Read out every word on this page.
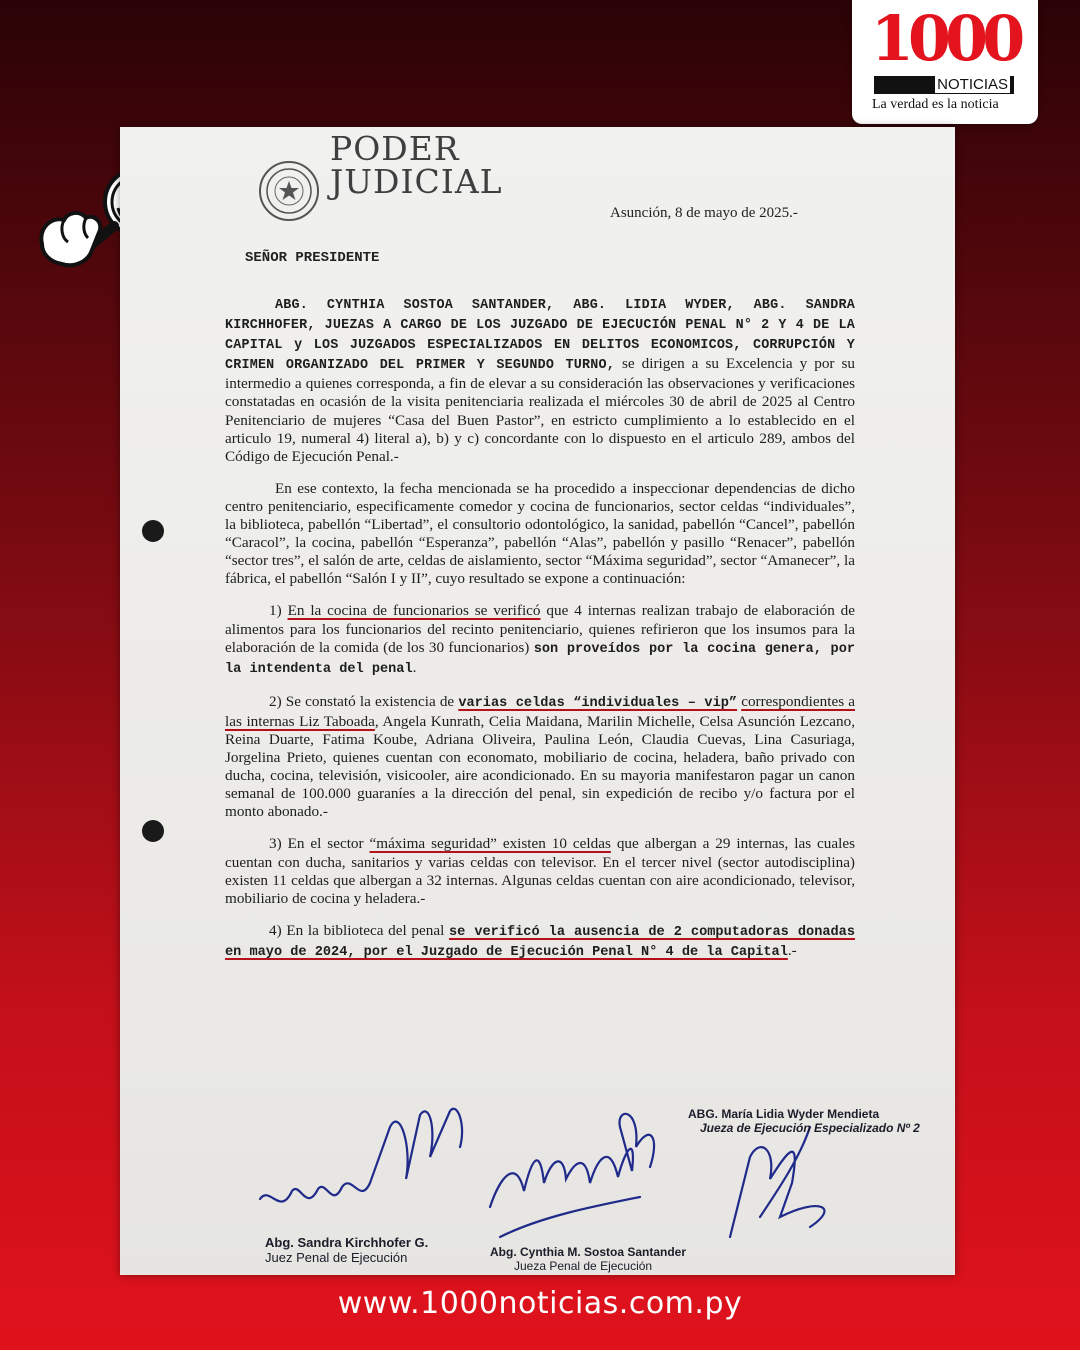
1000
NOTICIAS
La verdad es la noticia
PODER
JUDICIAL
Asunción, 8 de mayo de 2025.-
SEÑOR PRESIDENTE

ABG. CYNTHIA SOSTOA SANTANDER, ABG. LIDIA WYDER, ABG. SANDRA KIRCHHOFER, JUEZAS A CARGO DE LOS JUZGADO DE EJECUCIÓN PENAL N° 2 Y 4 DE LA CAPITAL y LOS JUZGADOS ESPECIALIZADOS EN DELITOS ECONOMICOS, CORRUPCIÓN Y CRIMEN ORGANIZADO DEL PRIMER Y SEGUNDO TURNO, se dirigen a su Excelencia y por su intermedio a quienes corresponda, a fin de elevar a su consideración las observaciones y verificaciones constatadas en ocasión de la visita penitenciaria realizada el miércoles 30 de abril de 2025 al Centro Penitenciario de mujeres “Casa del Buen Pastor”, en estricto cumplimiento a lo establecido en el articulo 19, numeral 4) literal a), b) y c) concordante con lo dispuesto en el articulo 289, ambos del Código de Ejecución Penal.-

En ese contexto, la fecha mencionada se ha procedido a inspeccionar dependencias de dicho centro penitenciario, especificamente comedor y cocina de funcionarios, sector celdas “individuales”, la biblioteca, pabellón “Libertad”, el consultorio odontológico, la sanidad, pabellón “Cancel”, pabellón “Caracol”, la cocina, pabellón “Esperanza”, pabellón “Alas”, pabellón y pasillo “Renacer”, pabellón “sector tres”, el salón de arte, celdas de aislamiento, sector “Máxima seguridad”, sector “Amanecer”, la fábrica, el pabellón “Salón I y II”, cuyo resultado se expone a continuación:

1) En la cocina de funcionarios se verificó que 4 internas realizan trabajo de elaboración de alimentos para los funcionarios del recinto penitenciario, quienes refirieron que los insumos para la elaboración de la comida (de los 30 funcionarios) son proveídos por la cocina genera, por la intendenta del penal.

2) Se constató la existencia de varias celdas “individuales – vip” correspondientes a las internas Liz Taboada, Angela Kunrath, Celia Maidana, Marilin Michelle, Celsa Asunción Lezcano, Reina Duarte, Fatima Koube, Adriana Oliveira, Paulina León, Claudia Cuevas, Lina Casuriaga, Jorgelina Prieto, quienes cuentan con economato, mobiliario de cocina, heladera, baño privado con ducha, cocina, televisión, visicooler, aire acondicionado. En su mayoria manifestaron pagar un canon semanal de 100.000 guaraníes a la dirección del penal, sin expedición de recibo y/o factura por el monto abonado.-

3) En el sector “máxima seguridad” existen 10 celdas que albergan a 29 internas, las cuales cuentan con ducha, sanitarios y varias celdas con televisor. En el tercer nivel (sector autodisciplina) existen 11 celdas que albergan a 32 internas. Algunas celdas cuentan con aire acondicionado, televisor, mobiliario de cocina y heladera.-

4) En la biblioteca del penal se verificó la ausencia de 2 computadoras donadas en mayo de 2024, por el Juzgado de Ejecución Penal N° 4 de la Capital.-

Abg. Sandra Kirchhofer G.
Juez Penal de Ejecución	Abg. Cynthia M. Sostoa Santander
Jueza Penal de Ejecución
ABG. María Lidia Wyder Mendieta
Jueza de Ejecución Especializado Nº 2
www.1000noticias.com.py
